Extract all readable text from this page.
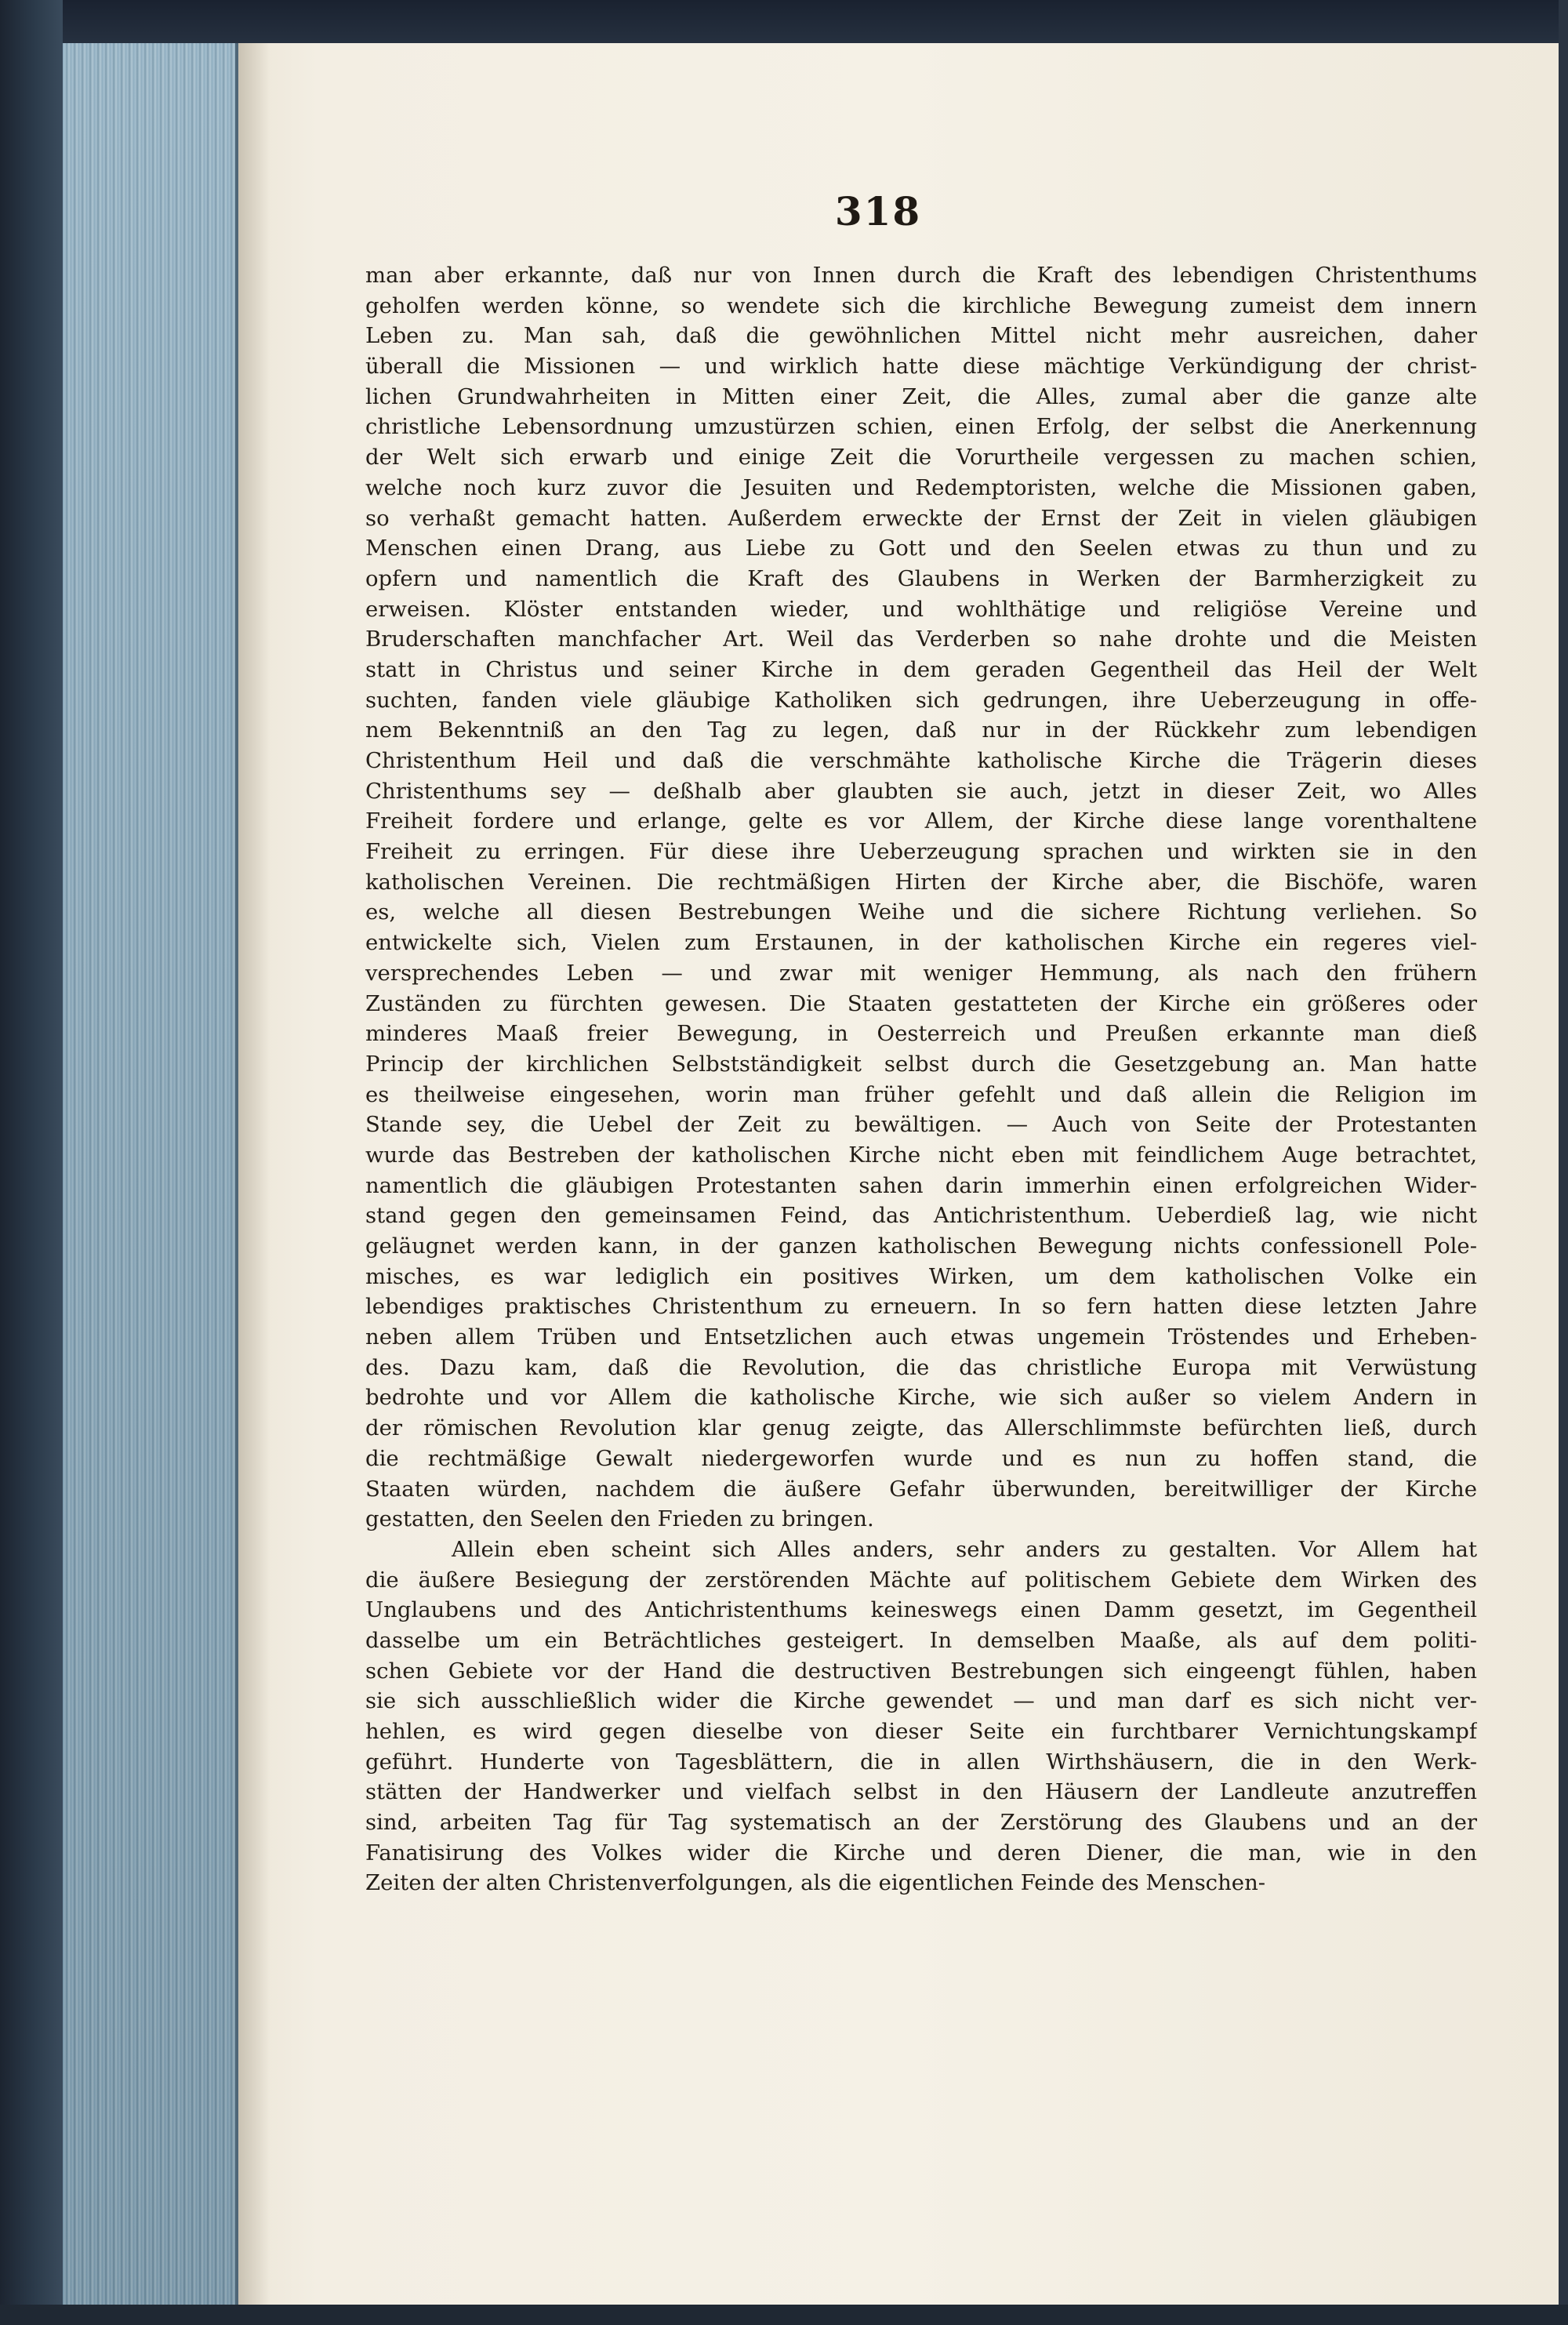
318
man aber erkannte, daß nur von Innen durch die Kraft des lebendigen Christenthums
geholfen werden könne, so wendete sich die kirchliche Bewegung zumeist dem innern
Leben zu. Man sah, daß die gewöhnlichen Mittel nicht mehr ausreichen, daher
überall die Missionen — und wirklich hatte diese mächtige Verkündigung der christ-
lichen Grundwahrheiten in Mitten einer Zeit, die Alles, zumal aber die ganze alte
christliche Lebensordnung umzustürzen schien, einen Erfolg, der selbst die Anerkennung
der Welt sich erwarb und einige Zeit die Vorurtheile vergessen zu machen schien,
welche noch kurz zuvor die Jesuiten und Redemptoristen, welche die Missionen gaben,
so verhaßt gemacht hatten. Außerdem erweckte der Ernst der Zeit in vielen gläubigen
Menschen einen Drang, aus Liebe zu Gott und den Seelen etwas zu thun und zu
opfern und namentlich die Kraft des Glaubens in Werken der Barmherzigkeit zu
erweisen. Klöster entstanden wieder, und wohlthätige und religiöse Vereine und
Bruderschaften manchfacher Art. Weil das Verderben so nahe drohte und die Meisten
statt in Christus und seiner Kirche in dem geraden Gegentheil das Heil der Welt
suchten, fanden viele gläubige Katholiken sich gedrungen, ihre Ueberzeugung in offe-
nem Bekenntniß an den Tag zu legen, daß nur in der Rückkehr zum lebendigen
Christenthum Heil und daß die verschmähte katholische Kirche die Trägerin dieses
Christenthums sey — deßhalb aber glaubten sie auch, jetzt in dieser Zeit, wo Alles
Freiheit fordere und erlange, gelte es vor Allem, der Kirche diese lange vorenthaltene
Freiheit zu erringen. Für diese ihre Ueberzeugung sprachen und wirkten sie in den
katholischen Vereinen. Die rechtmäßigen Hirten der Kirche aber, die Bischöfe, waren
es, welche all diesen Bestrebungen Weihe und die sichere Richtung verliehen. So
entwickelte sich, Vielen zum Erstaunen, in der katholischen Kirche ein regeres viel-
versprechendes Leben — und zwar mit weniger Hemmung, als nach den frühern
Zuständen zu fürchten gewesen. Die Staaten gestatteten der Kirche ein größeres oder
minderes Maaß freier Bewegung, in Oesterreich und Preußen erkannte man dieß
Princip der kirchlichen Selbstständigkeit selbst durch die Gesetzgebung an. Man hatte
es theilweise eingesehen, worin man früher gefehlt und daß allein die Religion im
Stande sey, die Uebel der Zeit zu bewältigen. — Auch von Seite der Protestanten
wurde das Bestreben der katholischen Kirche nicht eben mit feindlichem Auge betrachtet,
namentlich die gläubigen Protestanten sahen darin immerhin einen erfolgreichen Wider-
stand gegen den gemeinsamen Feind, das Antichristenthum. Ueberdieß lag, wie nicht
geläugnet werden kann, in der ganzen katholischen Bewegung nichts confessionell Pole-
misches, es war lediglich ein positives Wirken, um dem katholischen Volke ein
lebendiges praktisches Christenthum zu erneuern. In so fern hatten diese letzten Jahre
neben allem Trüben und Entsetzlichen auch etwas ungemein Tröstendes und Erheben-
des. Dazu kam, daß die Revolution, die das christliche Europa mit Verwüstung
bedrohte und vor Allem die katholische Kirche, wie sich außer so vielem Andern in
der römischen Revolution klar genug zeigte, das Allerschlimmste befürchten ließ, durch
die rechtmäßige Gewalt niedergeworfen wurde und es nun zu hoffen stand, die
Staaten würden, nachdem die äußere Gefahr überwunden, bereitwilliger der Kirche
gestatten, den Seelen den Frieden zu bringen.
Allein eben scheint sich Alles anders, sehr anders zu gestalten. Vor Allem hat
die äußere Besiegung der zerstörenden Mächte auf politischem Gebiete dem Wirken des
Unglaubens und des Antichristenthums keineswegs einen Damm gesetzt, im Gegentheil
dasselbe um ein Beträchtliches gesteigert. In demselben Maaße, als auf dem politi-
schen Gebiete vor der Hand die destructiven Bestrebungen sich eingeengt fühlen, haben
sie sich ausschließlich wider die Kirche gewendet — und man darf es sich nicht ver-
hehlen, es wird gegen dieselbe von dieser Seite ein furchtbarer Vernichtungskampf
geführt. Hunderte von Tagesblättern, die in allen Wirthshäusern, die in den Werk-
stätten der Handwerker und vielfach selbst in den Häusern der Landleute anzutreffen
sind, arbeiten Tag für Tag systematisch an der Zerstörung des Glaubens und an der
Fanatisirung des Volkes wider die Kirche und deren Diener, die man, wie in den
Zeiten der alten Christenverfolgungen, als die eigentlichen Feinde des Menschen-
